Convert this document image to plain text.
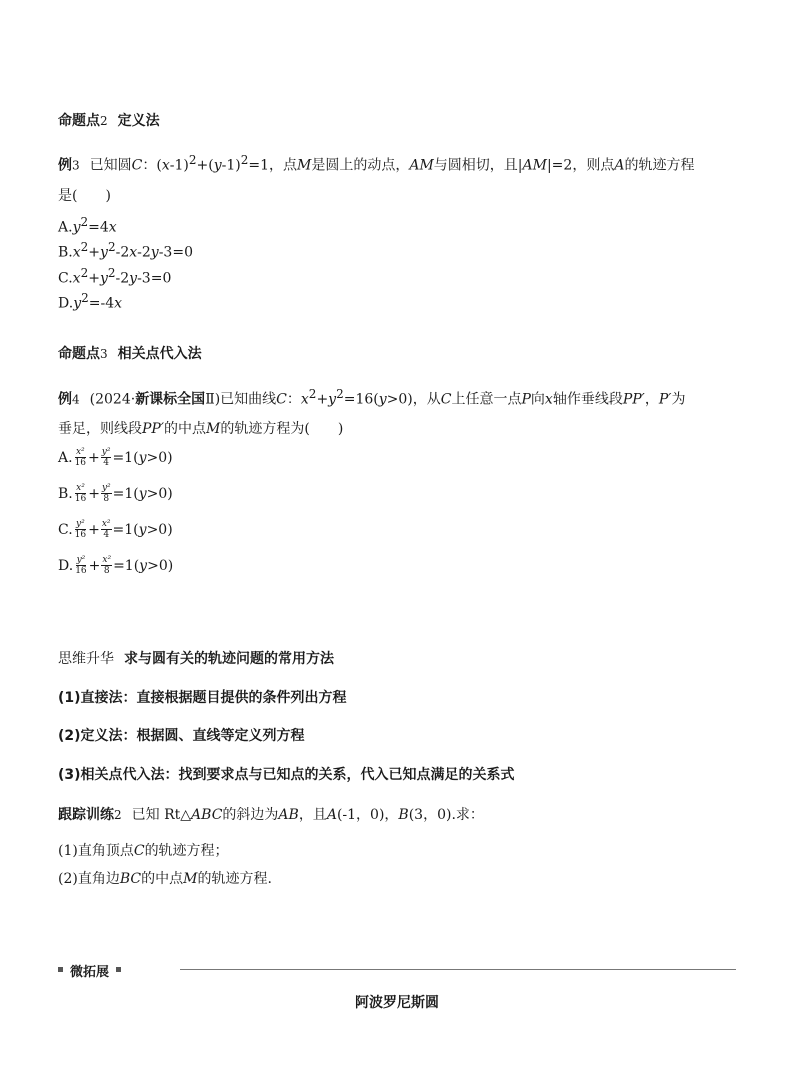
命题点2 定义法
例3 已知圆C：$(x-1)^2+(y-1)^2=1$，点M是圆上的动点，AM与圆相切，且|AM|=2，则点A的轨迹方程
是(　　)
$A.y^2=4x$
$B.x^2+y^2-2x-2y-3=0$
$C.x^2+y^2-2y-3=0$
$D.y^2=-4x$
命题点3 相关点代入法
例4 (2024·新课标全国Ⅱ)已知曲线C：$x^2+y^2=16(y>0)$，从C上任意一点P向x轴作垂线段PP′，P′为
垂足，则线段PP′的中点M的轨迹方程为(　　)
A. $\frac{\text{x²}}{16} + \frac{\text{y²}}{4} =1$( y >0)
B. $\frac{\text{x²}}{16} + \frac{\text{y²}}{8} =1$( y >0)
C. $\frac{\text{y²}}{16} + \frac{\text{x²}}{4} =1$( y >0)
D. $\frac{\text{y²}}{16} + \frac{\text{x²}}{8} =1$( y >0)
思维升华 求与圆有关的轨迹问题的常用方法
(1)直接法：直接根据题目提供的条件列出方程
(2)定义法：根据圆、直线等定义列方程
(3)相关点代入法：找到要求点与已知点的关系，代入已知点满足的关系式
跟踪训练2 已知 Rt△ABC的斜边为AB，且A(-1，0)，B(3，0).求：
(1)直角顶点C的轨迹方程；
(2)直角边BC的中点M的轨迹方程.
微拓展
阿波罗尼斯圆
